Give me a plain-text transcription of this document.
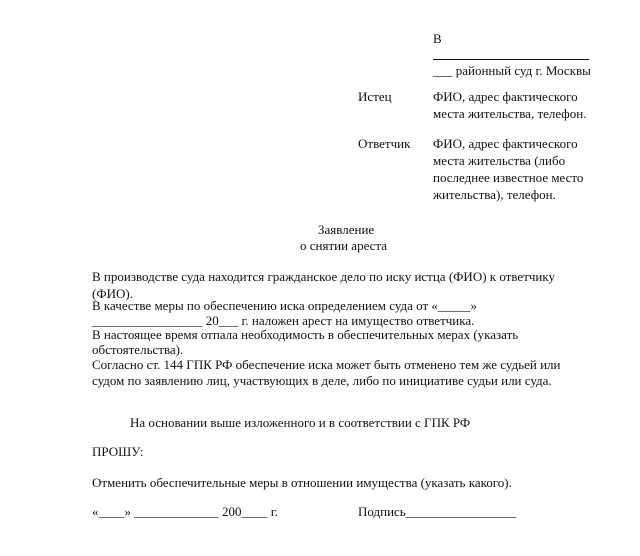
В
___ районный суд г. Москвы
Истец	ФИО, адрес фактического
места жительства, телефон.
Ответчик ФИО, адрес фактического
места жительства (либо
последнее известное место
жительства), телефон.
Заявление
о снятии ареста
В производстве суда находится гражданское дело по иску истца (ФИО) к ответчику
(ФИО).
В качестве меры по обеспечению иска определением суда от «_____»
_________________ 20___ г. наложен арест на имущество ответчика.
В настоящее время отпала необходимость в обеспечительных мерах (указать
обстоятельства).
Согласно ст. 144 ГПК РФ обеспечение иска может быть отменено тем же судьей или
судом по заявлению лиц, участвующих в деле, либо по инициативе судьи или суда.
На основании выше изложенного и в соответствии с ГПК РФ
ПРОШУ:
Отменить обеспечительные меры в отношении имущества (указать какого).
«____» _____________ 200____ г.	Подпись_________________
